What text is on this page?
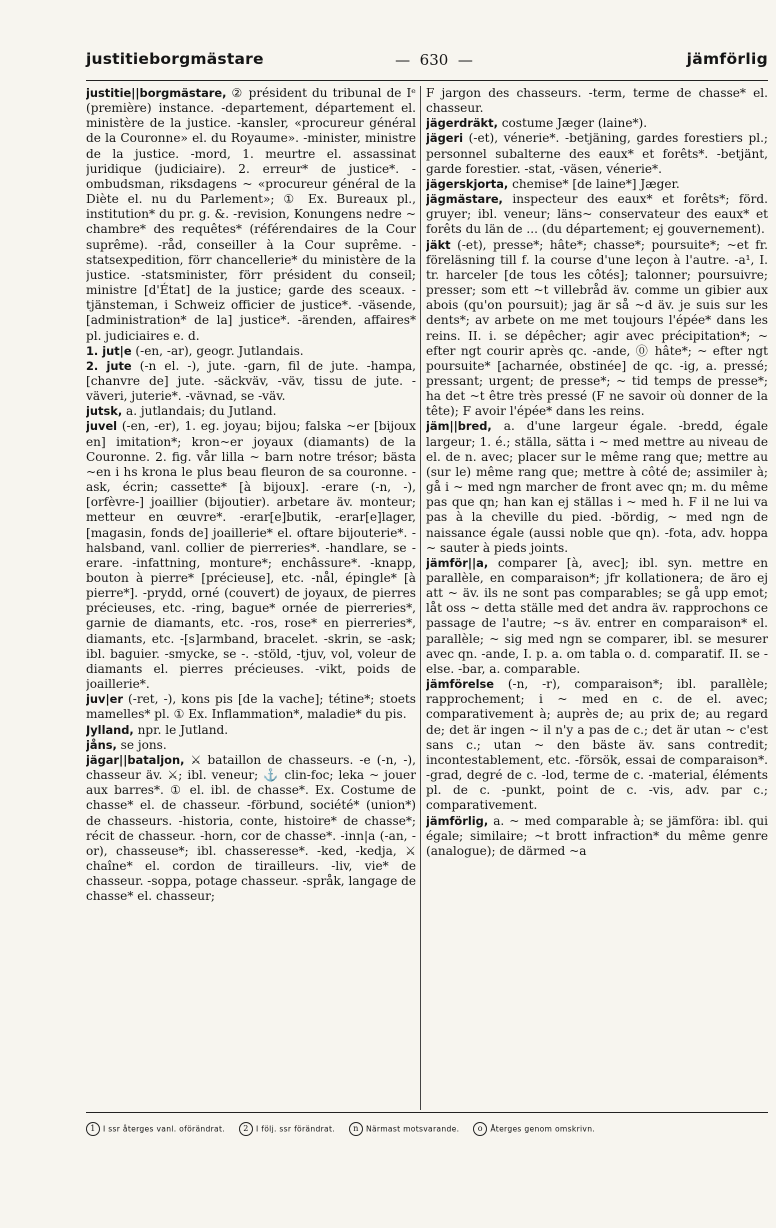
justitieborgmästare	— 630 —	jämförlig

justitie||borgmästare, ② président du tribunal de Iᵉ (première) instance. -departement, département el. ministère de la justice. -kansler, «procureur général de la Couronne» el. du Royaume». -minister, ministre de la justice. -mord, 1. meurtre el. assassinat juridique (judiciaire). 2. erreur* de justice*. -ombudsman, riksdagens ~ «procureur général de la Diète el. nu du Parlement»; ① Ex. Bureaux pl., institution* du pr. g. &. -revision, Konungens nedre ~ chambre* des requêtes* (référendaires de la Cour suprême). -råd, conseiller à la Cour suprême. -statsexpedition, förr chancellerie* du ministère de la justice. -statsminister, förr président du conseil; ministre [d'État] de la justice; garde des sceaux. -tjänsteman, i Schweiz officier de justice*. -väsende, [administration* de la] justice*. -ärenden, affaires* pl. judiciaires e. d.

1. jut|e (-en, -ar), geogr. Jutlandais.

2. jute (-n el. -), jute. -garn, fil de jute. -hampa, [chanvre de] jute. -säckväv, -väv, tissu de jute. -väveri, juterie*. -vävnad, se -väv.

jutsk, a. jutlandais; du Jutland.

juvel (-en, -er), 1. eg. joyau; bijou; falska ~er [bijoux en] imitation*; kron~er joyaux (diamants) de la Couronne. 2. fig. vår lilla ~ barn notre trésor; bästa ~en i hs krona le plus beau fleuron de sa couronne. -ask, écrin; cassette* [à bijoux]. -erare (-n, -), [orfèvre-] joaillier (bijoutier). arbetare äv. monteur; metteur en œuvre*. -erar[e]butik, -erar[e]lager, [magasin, fonds de] joaillerie* el. oftare bijouterie*. -halsband, vanl. collier de pierreries*. -handlare, se -erare. -infattning, monture*; enchâssure*. -knapp, bouton à pierre* [précieuse], etc. -nål, épingle* [à pierre*]. -prydd, orné (couvert) de joyaux, de pierres précieuses, etc. -ring, bague* ornée de pierreries*, garnie de diamants, etc. -ros, rose* en pierreries*, diamants, etc. -[s]armband, bracelet. -skrin, se -ask; ibl. baguier. -smycke, se -. -stöld, -tjuv, vol, voleur de diamants el. pierres précieuses. -vikt, poids de joaillerie*.

juv|er (-ret, -), kons pis [de la vache]; tétine*; stoets mamelles* pl. ① Ex. Inflammation*, maladie* du pis.

Jylland, npr. le Jutland.

jåns, se jons.

jägar||bataljon, ⚔ bataillon de chasseurs. -e (-n, -), chasseur äv. ⚔; ibl. veneur; ⚓ clin-foc; leka ~ jouer aux barres*. ① el. ibl. de chasse*. Ex. Costume de chasse* el. de chasseur. -förbund, société* (union*) de chasseurs. -historia, conte, histoire* de chasse*; récit de chasseur. -horn, cor de chasse*. -inn|a (-an, -or), chasseuse*; ibl. chasseresse*. -ked, -kedja, ⚔ chaîne* el. cordon de tirailleurs. -liv, vie* de chasseur. -soppa, potage chasseur. -språk, langage de chasse* el. chasseur;

F jargon des chasseurs. -term, terme de chasse* el. chasseur.

jägerdräkt, costume Jæger (laine*).

jägeri (-et), vénerie*. -betjäning, gardes forestiers pl.; personnel subalterne des eaux* et forêts*. -betjänt, garde forestier. -stat, -väsen, vénerie*.

jägerskjorta, chemise* [de laine*] Jæger.

jägmästare, inspecteur des eaux* et forêts*; förd. gruyer; ibl. veneur; läns~ conservateur des eaux* et forêts du län de ... (du département; ej gouvernement).

jäkt (-et), presse*; hâte*; chasse*; poursuite*; ~et fr. föreläsning till f. la course d'une leçon à l'autre. -a¹, I. tr. harceler [de tous les côtés]; talonner; poursuivre; presser; som ett ~t villebråd äv. comme un gibier aux abois (qu'on poursuit); jag är så ~d äv. je suis sur les dents*; av arbete on me met toujours l'épée* dans les reins. II. i. se dépêcher; agir avec précipitation*; ~ efter ngt courir après qc. -ande, ⓪ hâte*; ~ efter ngt poursuite* [acharnée, obstinée] de qc. -ig, a. pressé; pressant; urgent; de presse*; ~ tid temps de presse*; ha det ~t être très pressé (F ne savoir où donner de la tête); F avoir l'épée* dans les reins.

jäm||bred, a. d'une largeur égale. -bredd, égale largeur; 1. é.; ställa, sätta i ~ med mettre au niveau de el. de n. avec; placer sur le même rang que; mettre au (sur le) même rang que; mettre à côté de; assimiler à; gå i ~ med ngn marcher de front avec qn; m. du même pas que qn; han kan ej ställas i ~ med h. F il ne lui va pas à la cheville du pied. -bördig, ~ med ngn de naissance égale (aussi noble que qn). -fota, adv. hoppa ~ sauter à pieds joints.

jämför||a, comparer [à, avec]; ibl. syn. mettre en parallèle, en comparaison*; jfr kollationera; de äro ej att ~ äv. ils ne sont pas comparables; se gå upp emot; låt oss ~ detta ställe med det andra äv. rapprochons ce passage de l'autre; ~s äv. entrer en comparaison* el. parallèle; ~ sig med ngn se comparer, ibl. se mesurer avec qn. -ande, I. p. a. om tabla o. d. comparatif. II. se -else. -bar, a. comparable.

jämförelse (-n, -r), comparaison*; ibl. parallèle; rapprochement; i ~ med en c. de el. avec; comparativement à; auprès de; au prix de; au regard de; det är ingen ~ il n'y a pas de c.; det är utan ~ c'est sans c.; utan ~ den bäste äv. sans contredit; incontestablement, etc. -försök, essai de comparaison*. -grad, degré de c. -lod, terme de c. -material, éléments pl. de c. -punkt, point de c. -vis, adv. par c.; comparativement.

jämförlig, a. ~ med comparable à; se jämföra: ibl. qui égale; similaire; ~t brott infraction* du même genre (analogue); de därmed ~a

1 I ssr återges vanl. oförändrat. 2 I följ. ssr förändrat. n Närmast motsvarande. o Återges genom omskrivn.
